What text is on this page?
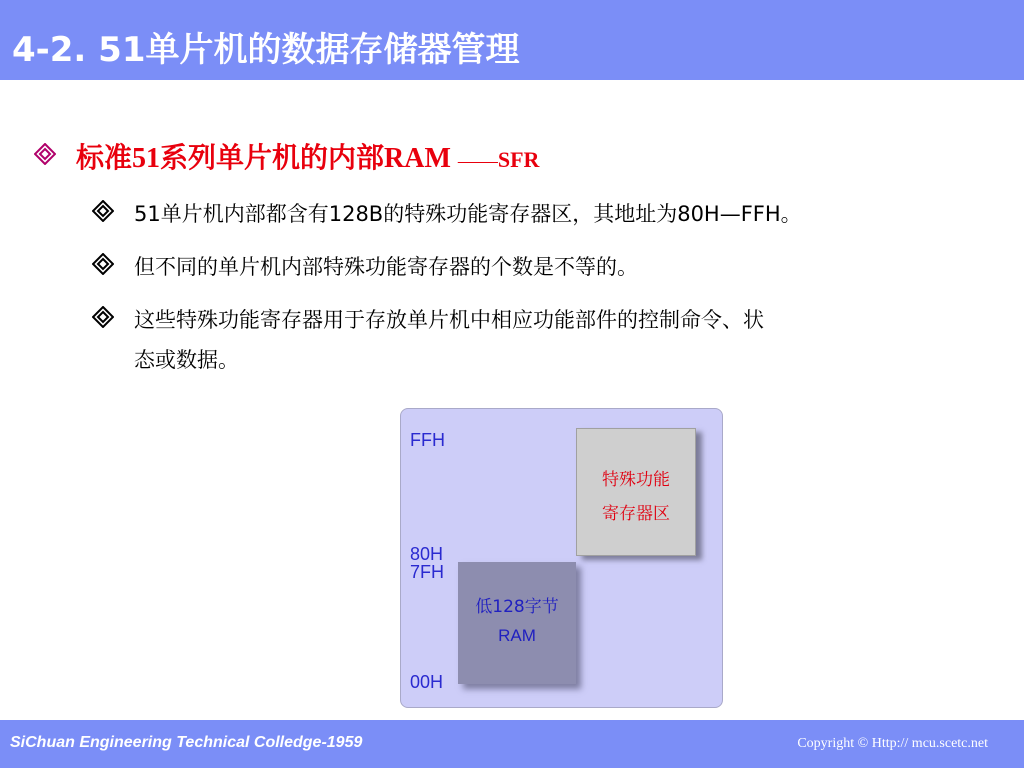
4-2. 51单片机的数据存储器管理
标准51系列单片机的内部RAM ——SFR
51单片机内部都含有128B的特殊功能寄存器区，其地址为80H—FFH。
但不同的单片机内部特殊功能寄存器的个数是不等的。
这些特殊功能寄存器用于存放单片机中相应功能部件的控制命令、状
态或数据。
FFH
80H
7FH
00H
低128字节
RAM
特殊功能
寄存器区
SiChuan Engineering Technical Colledge-1959	Copyright © Http:// mcu.scetc.net
